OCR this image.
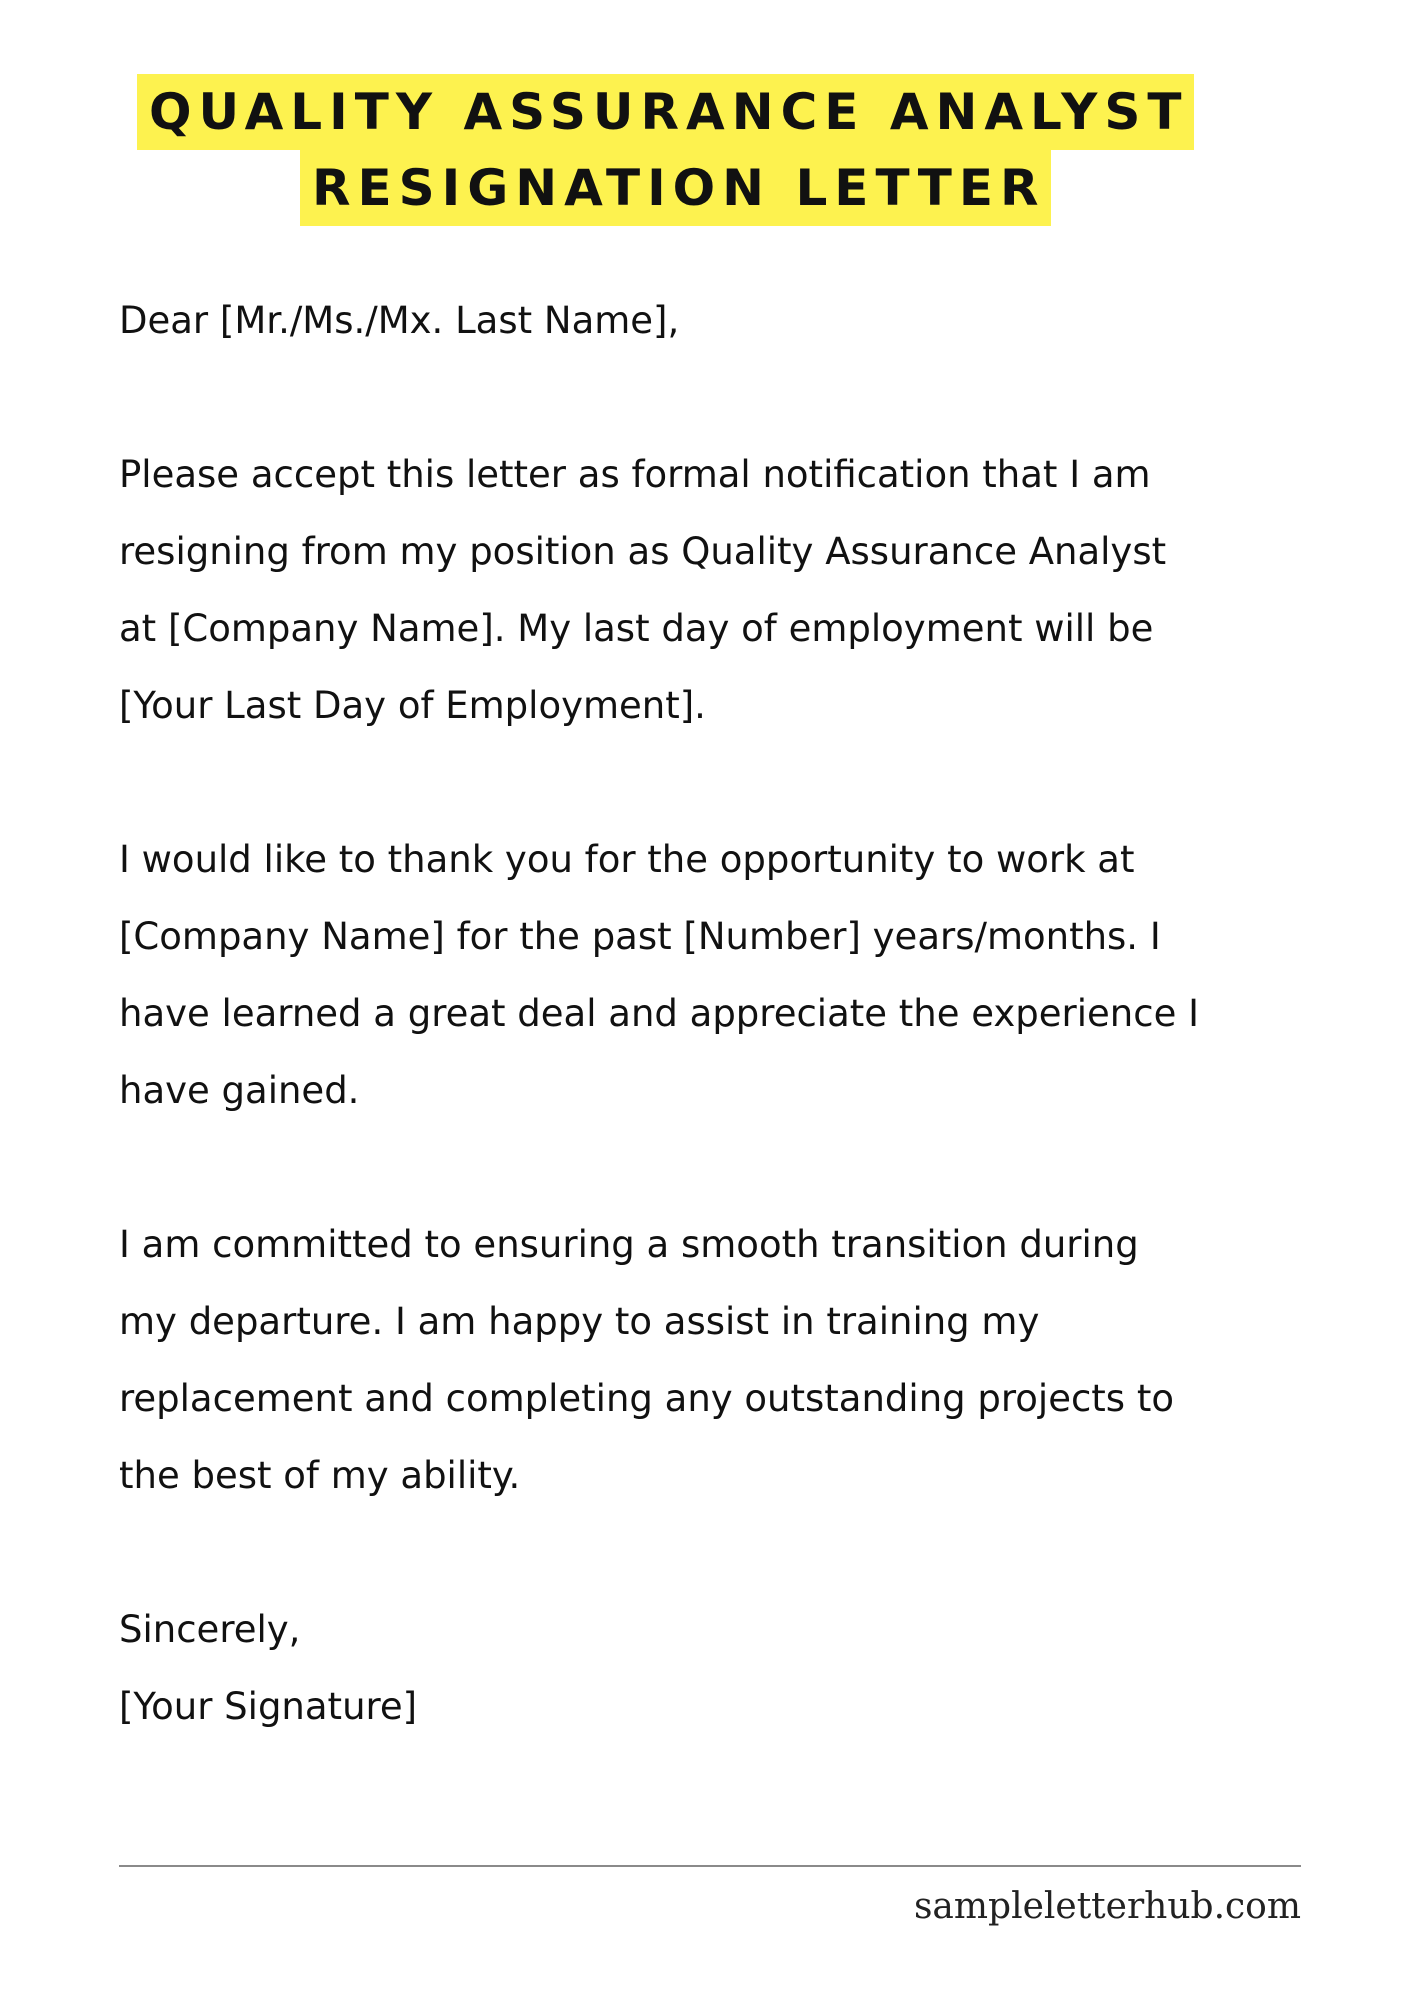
QUALITY ASSURANCE ANALYST
RESIGNATION LETTER

Dear [Mr./Ms./Mx. Last Name],

Please accept this letter as formal notification that I am
resigning from my position as Quality Assurance Analyst
at [Company Name]. My last day of employment will be
[Your Last Day of Employment].

I would like to thank you for the opportunity to work at
[Company Name] for the past [Number] years/months. I
have learned a great deal and appreciate the experience I
have gained.

I am committed to ensuring a smooth transition during
my departure. I am happy to assist in training my
replacement and completing any outstanding projects to
the best of my ability.

Sincerely,

[Your Signature]

sampleletterhub.com
